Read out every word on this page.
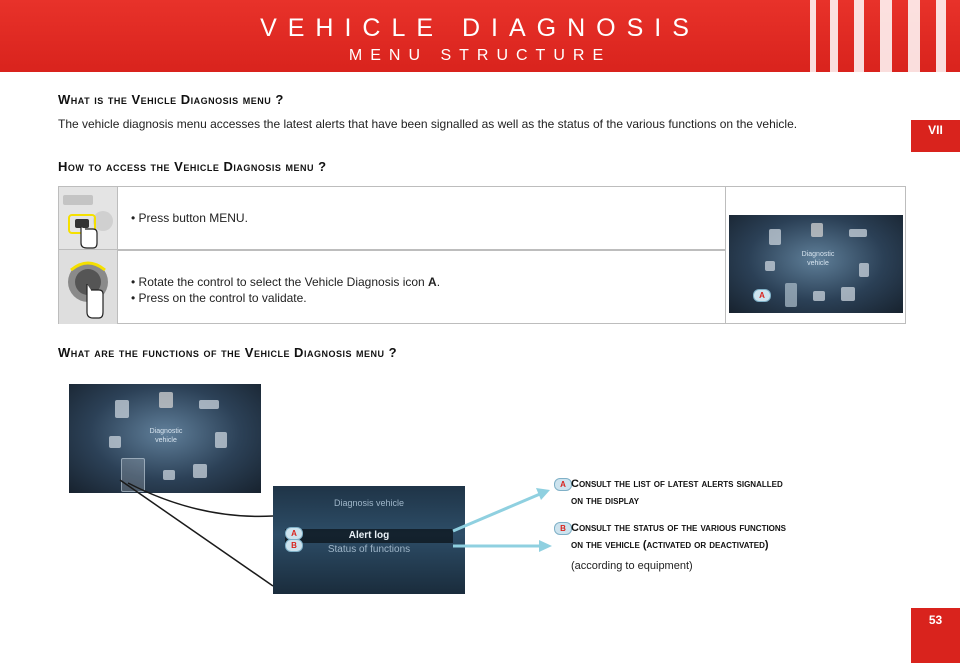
VEHICLE DIAGNOSIS
MENU STRUCTURE
VII
What is the Vehicle Diagnosis menu ?
The vehicle diagnosis menu accesses the latest alerts that have been signalled as well as the status of the various functions on the vehicle.
How to access the Vehicle Diagnosis menu ?
• Press button MENU.
• Rotate the control to select the Vehicle Diagnosis icon A.
• Press on the control to validate.
Diagnostic
vehicle
A
What are the functions of the Vehicle Diagnosis menu ?
Diagnostic
vehicle
Diagnosis vehicle
Alert log
Status of functions
A
B
A Consult the list of latest alerts signalled
on the display
B Consult the status of the various functions
on the vehicle (activated or deactivated)
(according to equipment)
53
